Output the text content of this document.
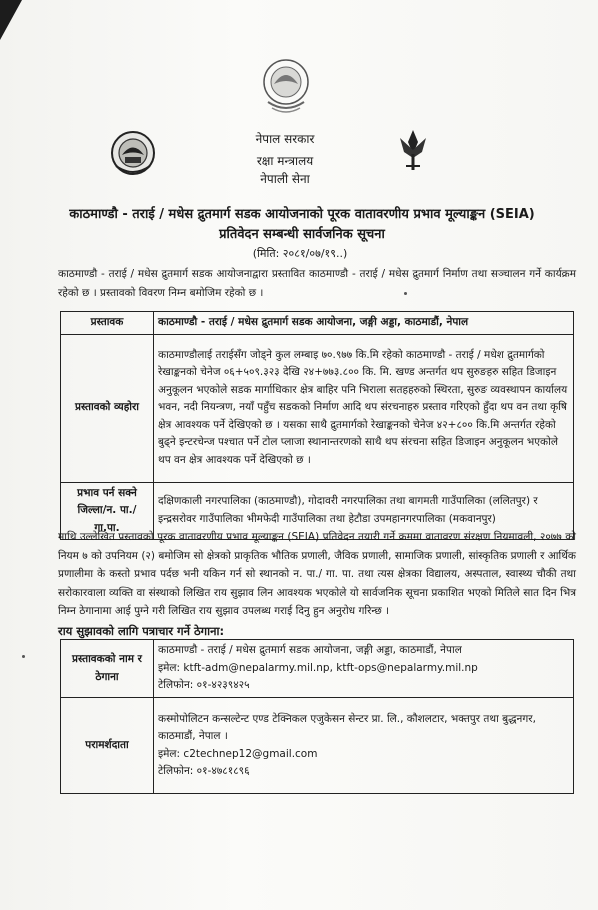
नेपाल सरकार
रक्षा मन्त्रालय
नेपाली सेना
काठमाण्डौ - तराई / मधेस द्रुतमार्ग सडक आयोजनाको पूरक वातावरणीय प्रभाव मूल्याङ्कन (SEIA)
प्रतिवेदन सम्बन्धी सार्वजनिक सूचना
(मिति: २०८१/०७/१९..)
काठमाण्डौ - तराई / मधेस द्रुतमार्ग सडक आयोजनाद्वारा प्रस्तावित काठमाण्डौ - तराई / मधेस द्रुतमार्ग निर्माण तथा सञ्चालन गर्ने कार्यक्रम रहेको छ । प्रस्तावको विवरण निम्न बमोजिम रहेको छ ।
प्रस्तावक	काठमाण्डौ - तराई / मधेस द्रुतमार्ग सडक आयोजना, जङ्गी अड्डा, काठमाडौं, नेपाल
प्रस्तावको व्यहोरा	काठमाण्डौलाई तराईसँग जोड्ने कुल लम्बाइ ७०.९७७ कि.मि रहेको काठमाण्डौ - तराई / मधेश द्रुतमार्गको रेखाङ्कनको चेनेज ०६+५०९.३२३ देखि २४+७७३.८०० कि. मि. खण्ड अन्तर्गत थप सुरुङहरु सहित डिजाइन अनुकूलन भएकोले सडक मार्गाधिकार क्षेत्र बाहिर पनि भिराला सतहहरुको स्थिरता, सुरुङ व्यवस्थापन कार्यालय भवन, नदी नियन्त्रण, नयाँ पहुँच सडकको निर्माण आदि थप संरचनाहरु प्रस्ताव गरिएको हुँदा थप वन तथा कृषि क्षेत्र आवश्यक पर्ने देखिएको छ । यसका साथै द्रुतमार्गको रेखाङ्कनको चेनेज ४२+८०० कि.मि अन्तर्गत रहेको बुढ्ने इन्टरचेन्ज पश्चात पर्ने टोल प्लाजा स्थानान्तरणको साथै थप संरचना सहित डिजाइन अनुकूलन भएकोले थप वन क्षेत्र आवश्यक पर्ने देखिएको छ ।
प्रभाव पर्न सक्ने जिल्ला/न. पा./गा.पा.	दक्षिणकाली नगरपालिका (काठमाण्डौ), गोदावरी नगरपालिका तथा बागमती गाउँपालिका (ललितपुर) र इन्द्रसरोवर गाउँपालिका भीमफेदी गाउँपालिका तथा हेटौडा उपमहानगरपालिका (मकवानपुर)
माथि उल्लेखित प्रस्तावको पूरक वातावरणीय प्रभाव मूल्याङ्कन (SEIA) प्रतिवेदन तयारी गर्ने क्रममा वातावरण संरक्षण नियमावली, २०७७ को नियम ७ को उपनियम (२) बमोजिम सो क्षेत्रको प्राकृतिक भौतिक प्रणाली, जैविक प्रणाली, सामाजिक प्रणाली, सांस्कृतिक प्रणाली र आर्थिक प्रणालीमा के कस्तो प्रभाव पर्दछ भनी यकिन गर्न सो स्थानको न. पा./ गा. पा. तथा त्यस क्षेत्रका विद्यालय, अस्पताल, स्वास्थ्य चौकी तथा सरोकारवाला व्यक्ति वा संस्थाको लिखित राय सुझाव लिन आवश्यक भएकोले यो सार्वजनिक सूचना प्रकाशित भएको मितिले सात दिन भित्र निम्न ठेगानामा आई पुग्ने गरी लिखित राय सुझाव उपलब्ध गराई दिनु हुन अनुरोध गरिन्छ ।
राय सुझावको लागि पत्राचार गर्ने ठेगाना:
प्रस्तावकको नाम र ठेगाना	काठमाण्डौ - तराई / मधेस द्रुतमार्ग सडक आयोजना, जङ्गी अड्डा, काठमाडौं, नेपाल
इमेल: ktft-adm@nepalarmy.mil.np, ktft-ops@nepalarmy.mil.np
टेलिफोन: ०१-४२३९४२५

परामर्शदाता	कस्मोपोलिटन कन्सल्टेन्ट एण्ड टेक्निकल एजुकेसन सेन्टर प्रा. लि., कौशलटार, भक्तपुर तथा बुद्धनगर, काठमाडौं, नेपाल ।
इमेल: c2technep12@gmail.com
टेलिफोन: ०१-४७८१८९६
